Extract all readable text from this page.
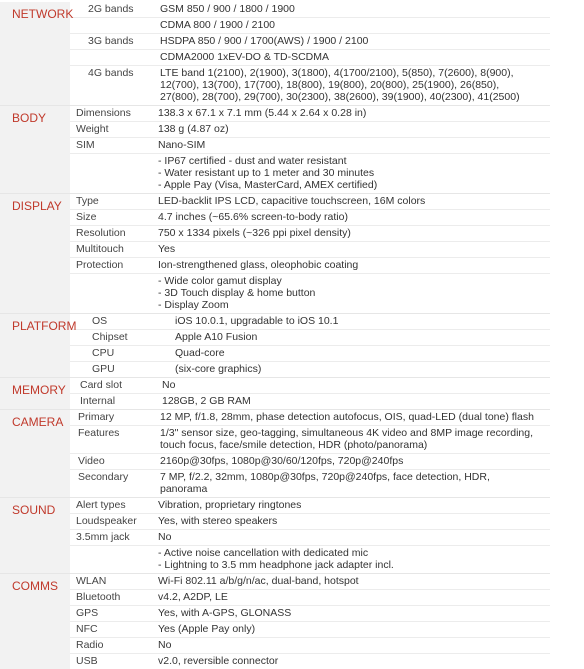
NETWORK	2G bands	GSM 850 / 900 / 1800 / 1900
CDMA 800 / 1900 / 2100
3G bands	HSDPA 850 / 900 / 1700(AWS) / 1900 / 2100
CDMA2000 1xEV-DO & TD-SCDMA
4G bands	LTE band 1(2100), 2(1900), 3(1800), 4(1700/2100), 5(850), 7(2600), 8(900),
12(700), 13(700), 17(700), 18(800), 19(800), 20(800), 25(1900), 26(850),
27(800), 28(700), 29(700), 30(2300), 38(2600), 39(1900), 40(2300), 41(2500)
BODY	Dimensions	138.3 x 67.1 x 7.1 mm (5.44 x 2.64 x 0.28 in)
Weight	138 g (4.87 oz)
SIM	Nano-SIM
- IP67 certified - dust and water resistant
- Water resistant up to 1 meter and 30 minutes
- Apple Pay (Visa, MasterCard, AMEX certified)
DISPLAY	Type	LED-backlit IPS LCD, capacitive touchscreen, 16M colors
Size	4.7 inches (~65.6% screen-to-body ratio)
Resolution	750 x 1334 pixels (~326 ppi pixel density)
Multitouch	Yes
Protection	Ion-strengthened glass, oleophobic coating
- Wide color gamut display
- 3D Touch display & home button
- Display Zoom
PLATFORM	OS	iOS 10.0.1, upgradable to iOS 10.1
Chipset	Apple A10 Fusion
CPU	Quad-core
GPU	(six-core graphics)
MEMORY	Card slot	No
Internal	128GB, 2 GB RAM
CAMERA	Primary	12 MP, f/1.8, 28mm, phase detection autofocus, OIS, quad-LED (dual tone) flash
Features	1/3" sensor size, geo-tagging, simultaneous 4K video and 8MP image recording,
touch focus, face/smile detection, HDR (photo/panorama)
Video	2160p@30fps, 1080p@30/60/120fps, 720p@240fps
Secondary	7 MP, f/2.2, 32mm, 1080p@30fps, 720p@240fps, face detection, HDR,
panorama
SOUND	Alert types	Vibration, proprietary ringtones
Loudspeaker	Yes, with stereo speakers
3.5mm jack	No
- Active noise cancellation with dedicated mic
- Lightning to 3.5 mm headphone jack adapter incl.
COMMS	WLAN	Wi-Fi 802.11 a/b/g/n/ac, dual-band, hotspot
Bluetooth	v4.2, A2DP, LE
GPS	Yes, with A-GPS, GLONASS
NFC	Yes (Apple Pay only)
Radio	No
USB	v2.0, reversible connector
